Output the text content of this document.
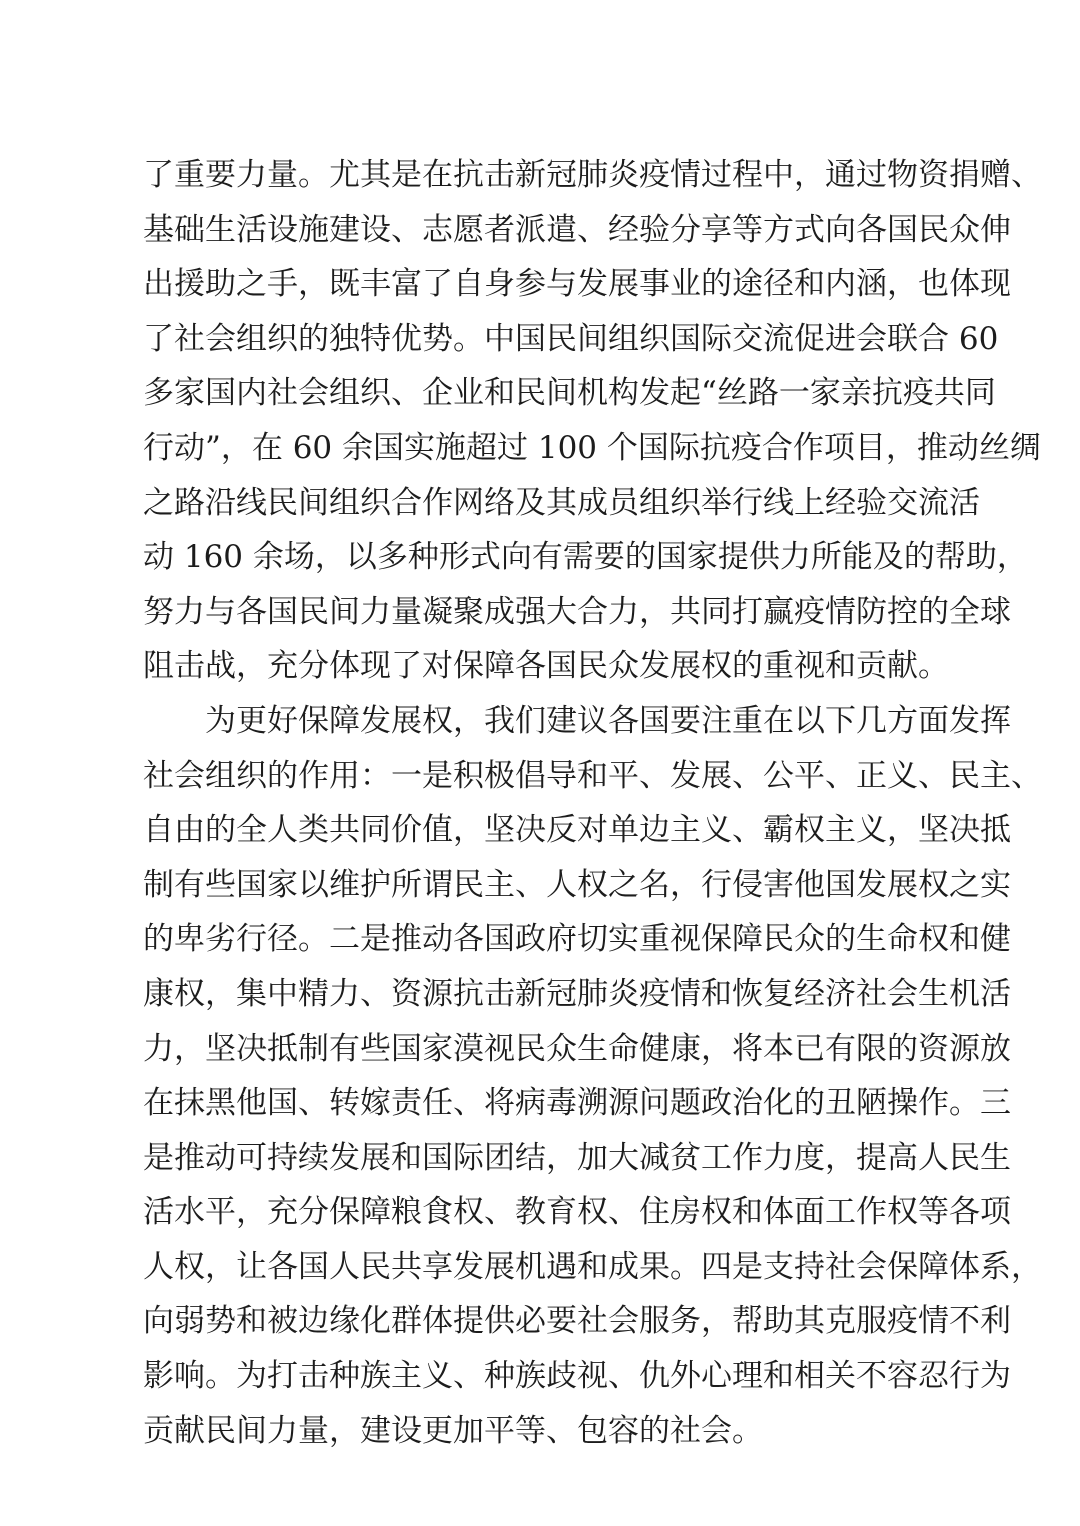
了重要力量。尤其是在抗击新冠肺炎疫情过程中，通过物资捐赠、
基础生活设施建设、志愿者派遣、经验分享等方式向各国民众伸
出援助之手，既丰富了自身参与发展事业的途径和内涵，也体现
了社会组织的独特优势。中国民间组织国际交流促进会联合 60
多家国内社会组织、企业和民间机构发起“丝路一家亲抗疫共同
行动”，在 60 余国实施超过 100 个国际抗疫合作项目，推动丝绸
之路沿线民间组织合作网络及其成员组织举行线上经验交流活
动 160 余场，以多种形式向有需要的国家提供力所能及的帮助，
努力与各国民间力量凝聚成强大合力，共同打赢疫情防控的全球
阻击战，充分体现了对保障各国民众发展权的重视和贡献。
为更好保障发展权，我们建议各国要注重在以下几方面发挥
社会组织的作用：一是积极倡导和平、发展、公平、正义、民主、
自由的全人类共同价值，坚决反对单边主义、霸权主义，坚决抵
制有些国家以维护所谓民主、人权之名，行侵害他国发展权之实
的卑劣行径。二是推动各国政府切实重视保障民众的生命权和健
康权，集中精力、资源抗击新冠肺炎疫情和恢复经济社会生机活
力，坚决抵制有些国家漠视民众生命健康，将本已有限的资源放
在抹黑他国、转嫁责任、将病毒溯源问题政治化的丑陋操作。三
是推动可持续发展和国际团结，加大减贫工作力度，提高人民生
活水平，充分保障粮食权、教育权、住房权和体面工作权等各项
人权，让各国人民共享发展机遇和成果。四是支持社会保障体系，
向弱势和被边缘化群体提供必要社会服务，帮助其克服疫情不利
影响。为打击种族主义、种族歧视、仇外心理和相关不容忍行为
贡献民间力量，建设更加平等、包容的社会。
